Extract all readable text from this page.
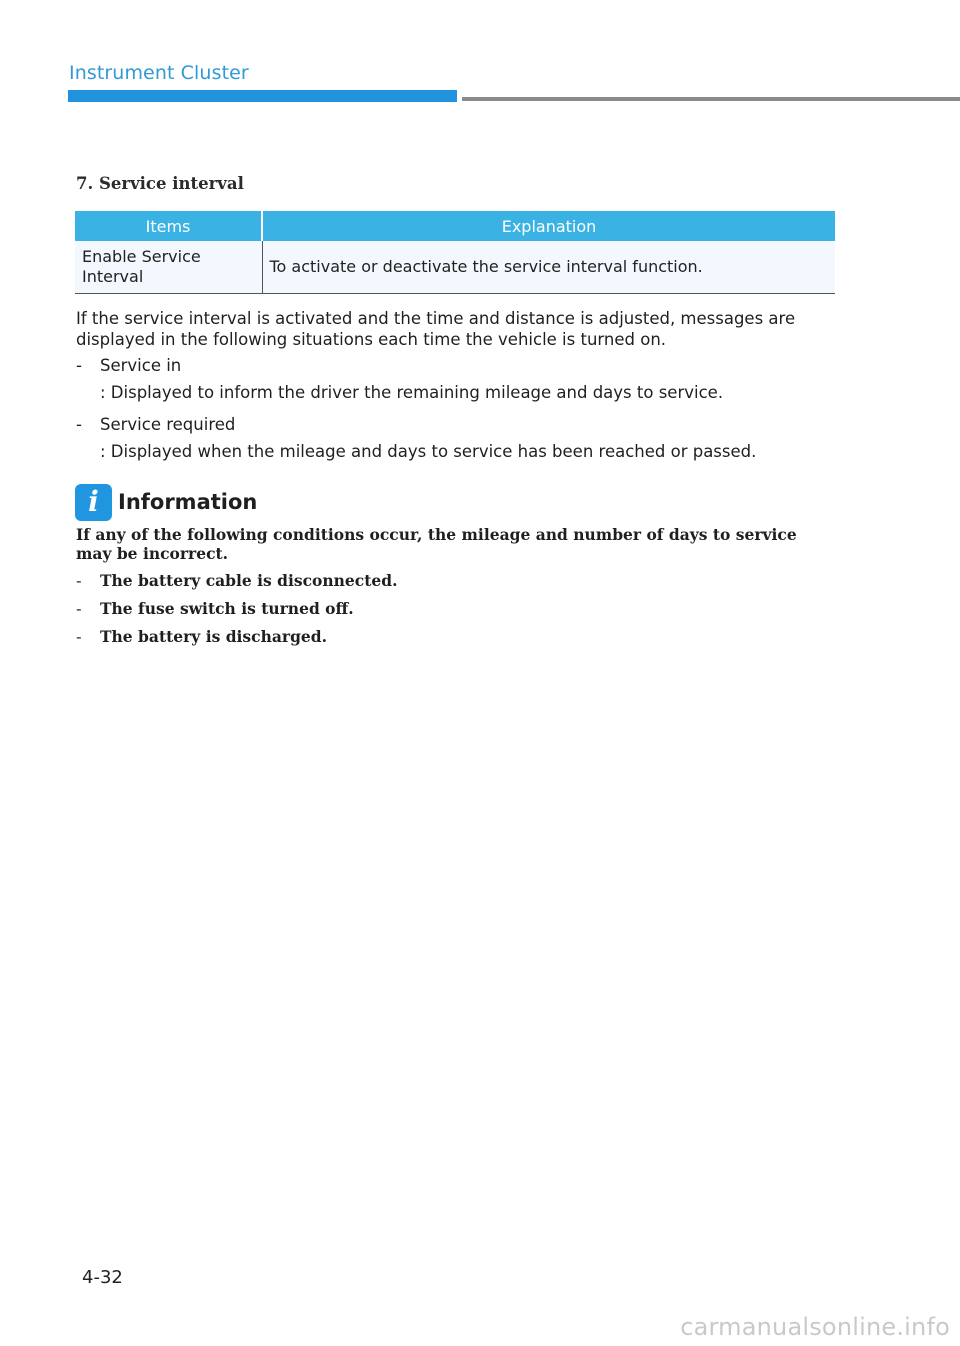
Instrument Cluster
7. Service interval
Items	Explanation
Enable Service Interval	To activate or deactivate the service interval function.
If the service interval is activated and the time and distance is adjusted, messages are displayed in the following situations each time the vehicle is turned on.
- Service in
: Displayed to inform the driver the remaining mileage and days to service.
- Service required
: Displayed when the mileage and days to service has been reached or passed.
i Information
If any of the following conditions occur, the mileage and number of days to service may be incorrect.
- The battery cable is disconnected.
- The fuse switch is turned off.
- The battery is discharged.
4-32
carmanualsonline.info
